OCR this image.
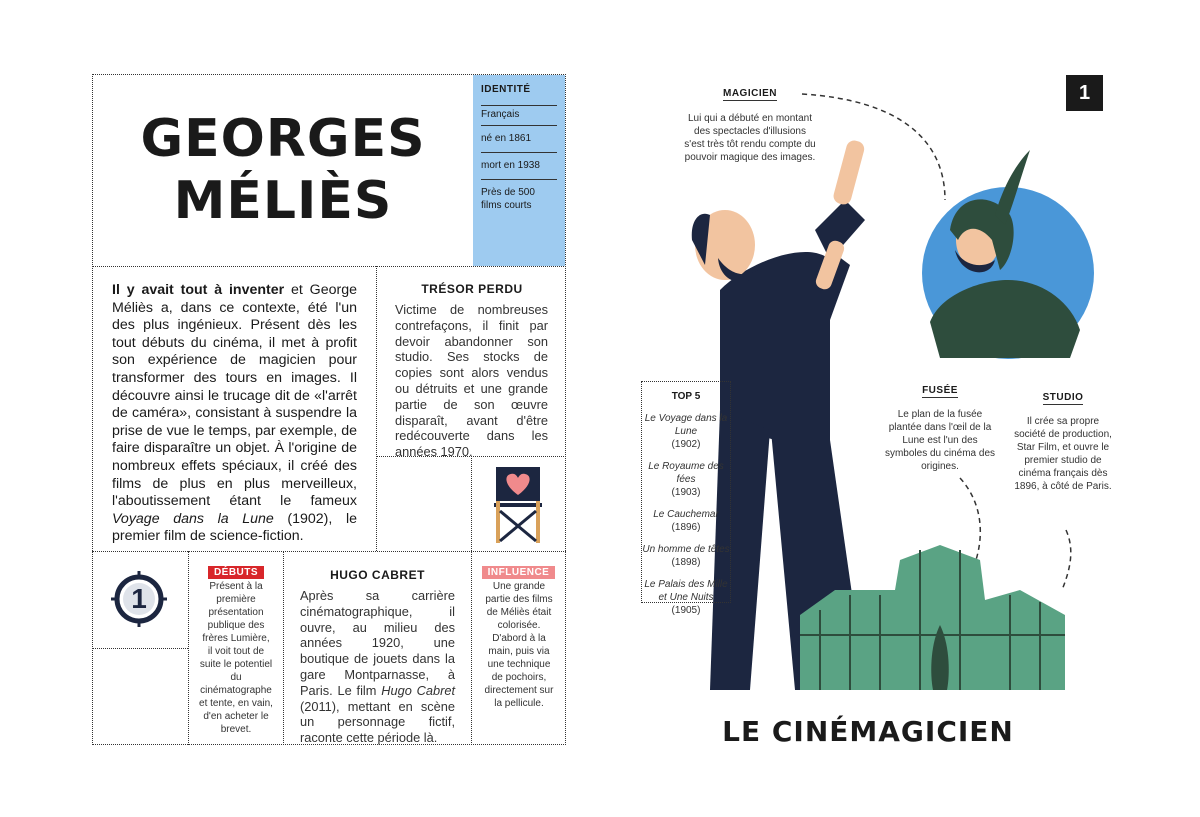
GEORGES
MÉLIÈS
IDENTITÉ
Français
né en 1861
mort en 1938
Près de 500 films courts
Il y avait tout à inventer et George Méliès a, dans ce contexte, été l'un des plus ingénieux. Présent dès les tout débuts du cinéma, il met à profit son expérience de magicien pour transformer des tours en images. Il découvre ainsi le trucage dit de «l'arrêt de caméra», consistant à suspendre la prise de vue le temps, par exemple, de faire disparaître un objet. À l'origine de nombreux effets spéciaux, il créé des films de plus en plus merveilleux, l'aboutissement étant le fameux Voyage dans la Lune (1902), le premier film de science-fiction.
TRÉSOR PERDU
Victime de nombreuses contrefaçons, il finit par devoir abandonner son studio. Ses stocks de copies sont alors vendus ou détruits et une grande partie de son œuvre disparaît, avant d'être redécouverte dans les années 1970.
1
DÉBUTS
Présent à la première présentation publique des frères Lumière, il voit tout de suite le potentiel du cinématographe et tente, en vain, d'en acheter le brevet.
HUGO CABRET
Après sa carrière cinématographique, il ouvre, au milieu des années 1920, une boutique de jouets dans la gare Montparnasse, à Paris. Le film Hugo Cabret (2011), mettant en scène un personnage fictif, raconte cette période là.
INFLUENCE
Une grande partie des films de Méliès était colorisée. D'abord à la main, puis via une technique de pochoirs, directement sur la pellicule.
1
MAGICIEN
Lui qui a débuté en montant des spectacles d'illusions s'est très tôt rendu compte du pouvoir magique des images.
TOP 5
Le Voyage dans la Lune
(1902)
Le Royaume des fées
(1903)
Le Cauchemar
(1896)
Un homme de têtes
(1898)
Le Palais des Mille et Une Nuits
(1905)
FUSÉE
Le plan de la fusée plantée dans l'œil de la Lune est l'un des symboles du cinéma des origines.
STUDIO
Il crée sa propre société de production, Star Film, et ouvre le premier studio de cinéma français dès 1896, à côté de Paris.
LE CINÉMAGICIEN
